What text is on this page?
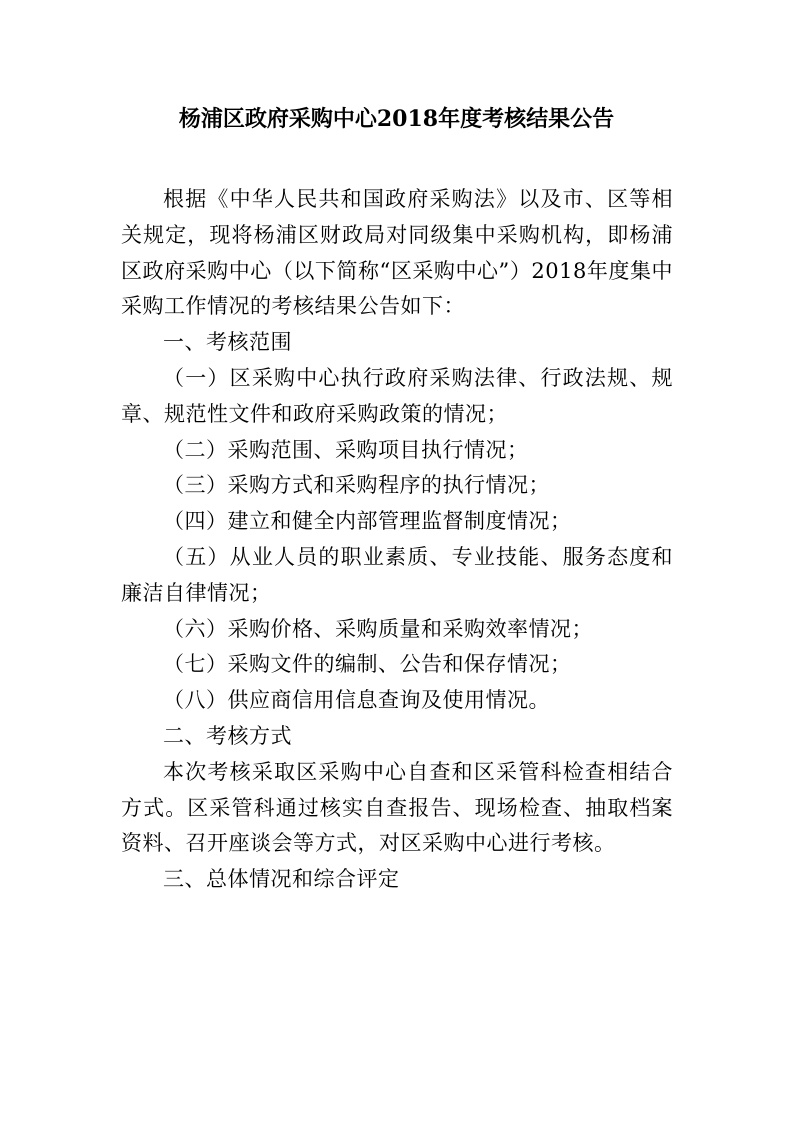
杨浦区政府采购中心2018年度考核结果公告

根据《中华人民共和国政府采购法》以及市、区等相关规定，现将杨浦区财政局对同级集中采购机构，即杨浦区政府采购中心（以下简称“区采购中心”）2018年度集中采购工作情况的考核结果公告如下：

一、考核范围

（一）区采购中心执行政府采购法律、行政法规、规章、规范性文件和政府采购政策的情况；

（二）采购范围、采购项目执行情况；

（三）采购方式和采购程序的执行情况；

（四）建立和健全内部管理监督制度情况；

（五）从业人员的职业素质、专业技能、服务态度和廉洁自律情况；

（六）采购价格、采购质量和采购效率情况；

（七）采购文件的编制、公告和保存情况；

（八）供应商信用信息查询及使用情况。

二、考核方式

本次考核采取区采购中心自查和区采管科检查相结合方式。区采管科通过核实自查报告、现场检查、抽取档案资料、召开座谈会等方式，对区采购中心进行考核。

三、总体情况和综合评定
